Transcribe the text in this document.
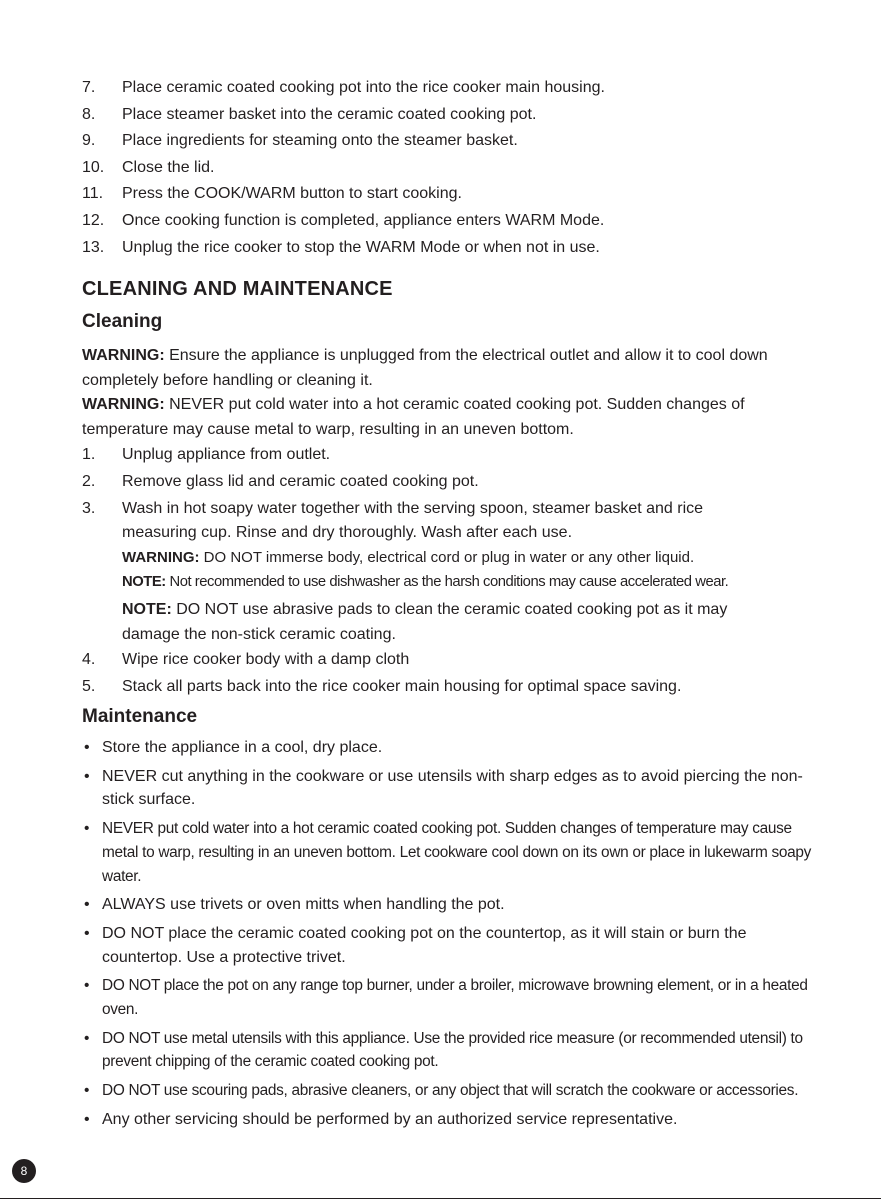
7. Place ceramic coated cooking pot into the rice cooker main housing.
8. Place steamer basket into the ceramic coated cooking pot.
9. Place ingredients for steaming onto the steamer basket.
10. Close the lid.
11. Press the COOK/WARM button to start cooking.
12. Once cooking function is completed, appliance enters WARM Mode.
13. Unplug the rice cooker to stop the WARM Mode or when not in use.
CLEANING AND MAINTENANCE
Cleaning

WARNING: Ensure the appliance is unplugged from the electrical outlet and allow it to cool down completely before handling or cleaning it.

WARNING: NEVER put cold water into a hot ceramic coated cooking pot. Sudden changes of temperature may cause metal to warp, resulting in an uneven bottom.

1. Unplug appliance from outlet.
2. Remove glass lid and ceramic coated cooking pot.
3. Wash in hot soapy water together with the serving spoon, steamer basket and rice measuring cup. Rinse and dry thoroughly. Wash after each use.
WARNING: DO NOT immerse body, electrical cord or plug in water or any other liquid.
NOTE: Not recommended to use dishwasher as the harsh conditions may cause accelerated wear.
NOTE: DO NOT use abrasive pads to clean the ceramic coated cooking pot as it may damage the non-stick ceramic coating.
4. Wipe rice cooker body with a damp cloth
5. Stack all parts back into the rice cooker main housing for optimal space saving.
Maintenance
• Store the appliance in a cool, dry place.
• NEVER cut anything in the cookware or use utensils with sharp edges as to avoid piercing the non-stick surface.
• NEVER put cold water into a hot ceramic coated cooking pot. Sudden changes of temperature may cause metal to warp, resulting in an uneven bottom. Let cookware cool down on its own or place in lukewarm soapy water.
• ALWAYS use trivets or oven mitts when handling the pot.
• DO NOT place the ceramic coated cooking pot on the countertop, as it will stain or burn the countertop. Use a protective trivet.
• DO NOT place the pot on any range top burner, under a broiler, microwave browning element, or in a heated oven.
• DO NOT use metal utensils with this appliance. Use the provided rice measure (or recommended utensil) to prevent chipping of the ceramic coated cooking pot.
• DO NOT use scouring pads, abrasive cleaners, or any object that will scratch the cookware or accessories.
• Any other servicing should be performed by an authorized service representative.
8
